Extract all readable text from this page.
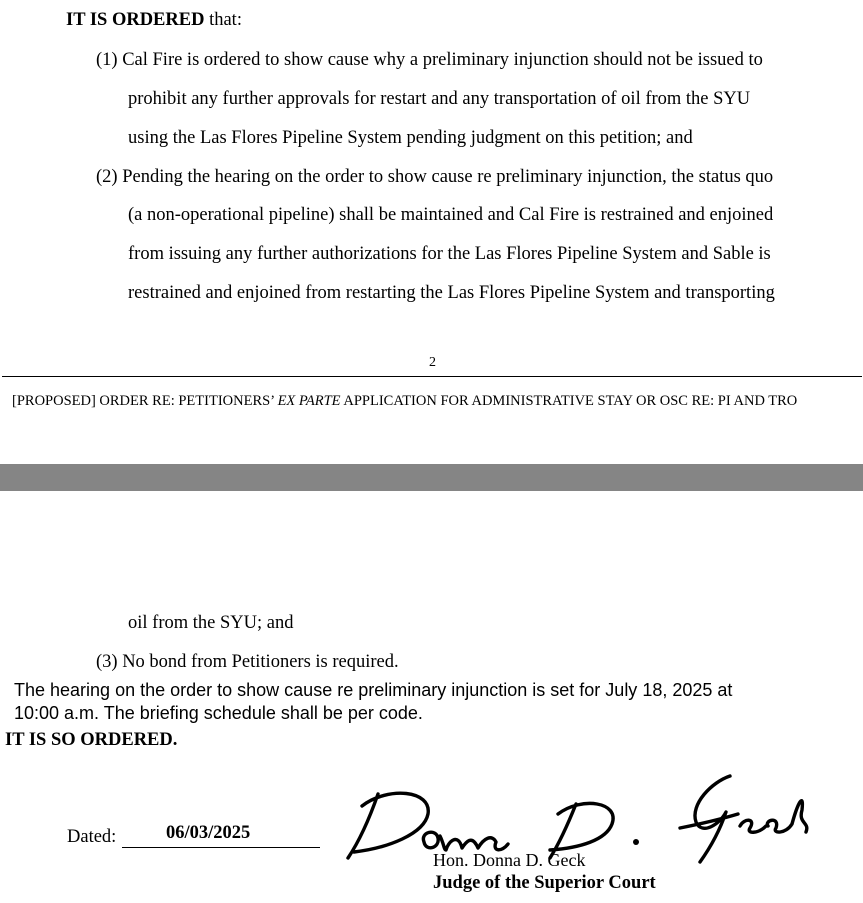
IT IS ORDERED that:
(1) Cal Fire is ordered to show cause why a preliminary injunction should not be issued to
prohibit any further approvals for restart and any transportation of oil from the SYU
using the Las Flores Pipeline System pending judgment on this petition; and
(2) Pending the hearing on the order to show cause re preliminary injunction, the status quo
(a non-operational pipeline) shall be maintained and Cal Fire is restrained and enjoined
from issuing any further authorizations for the Las Flores Pipeline System and Sable is
restrained and enjoined from restarting the Las Flores Pipeline System and transporting
2
[PROPOSED] ORDER RE: PETITIONERS’ EX PARTE APPLICATION FOR ADMINISTRATIVE STAY OR OSC RE: PI AND TRO
oil from the SYU; and
(3) No bond from Petitioners is required.
The hearing on the order to show cause re preliminary injunction is set for July 18, 2025 at
10:00 a.m. The briefing schedule shall be per code.
IT IS SO ORDERED.
Dated:	06/03/2025
Hon. Donna D. Geck
Judge of the Superior Court
